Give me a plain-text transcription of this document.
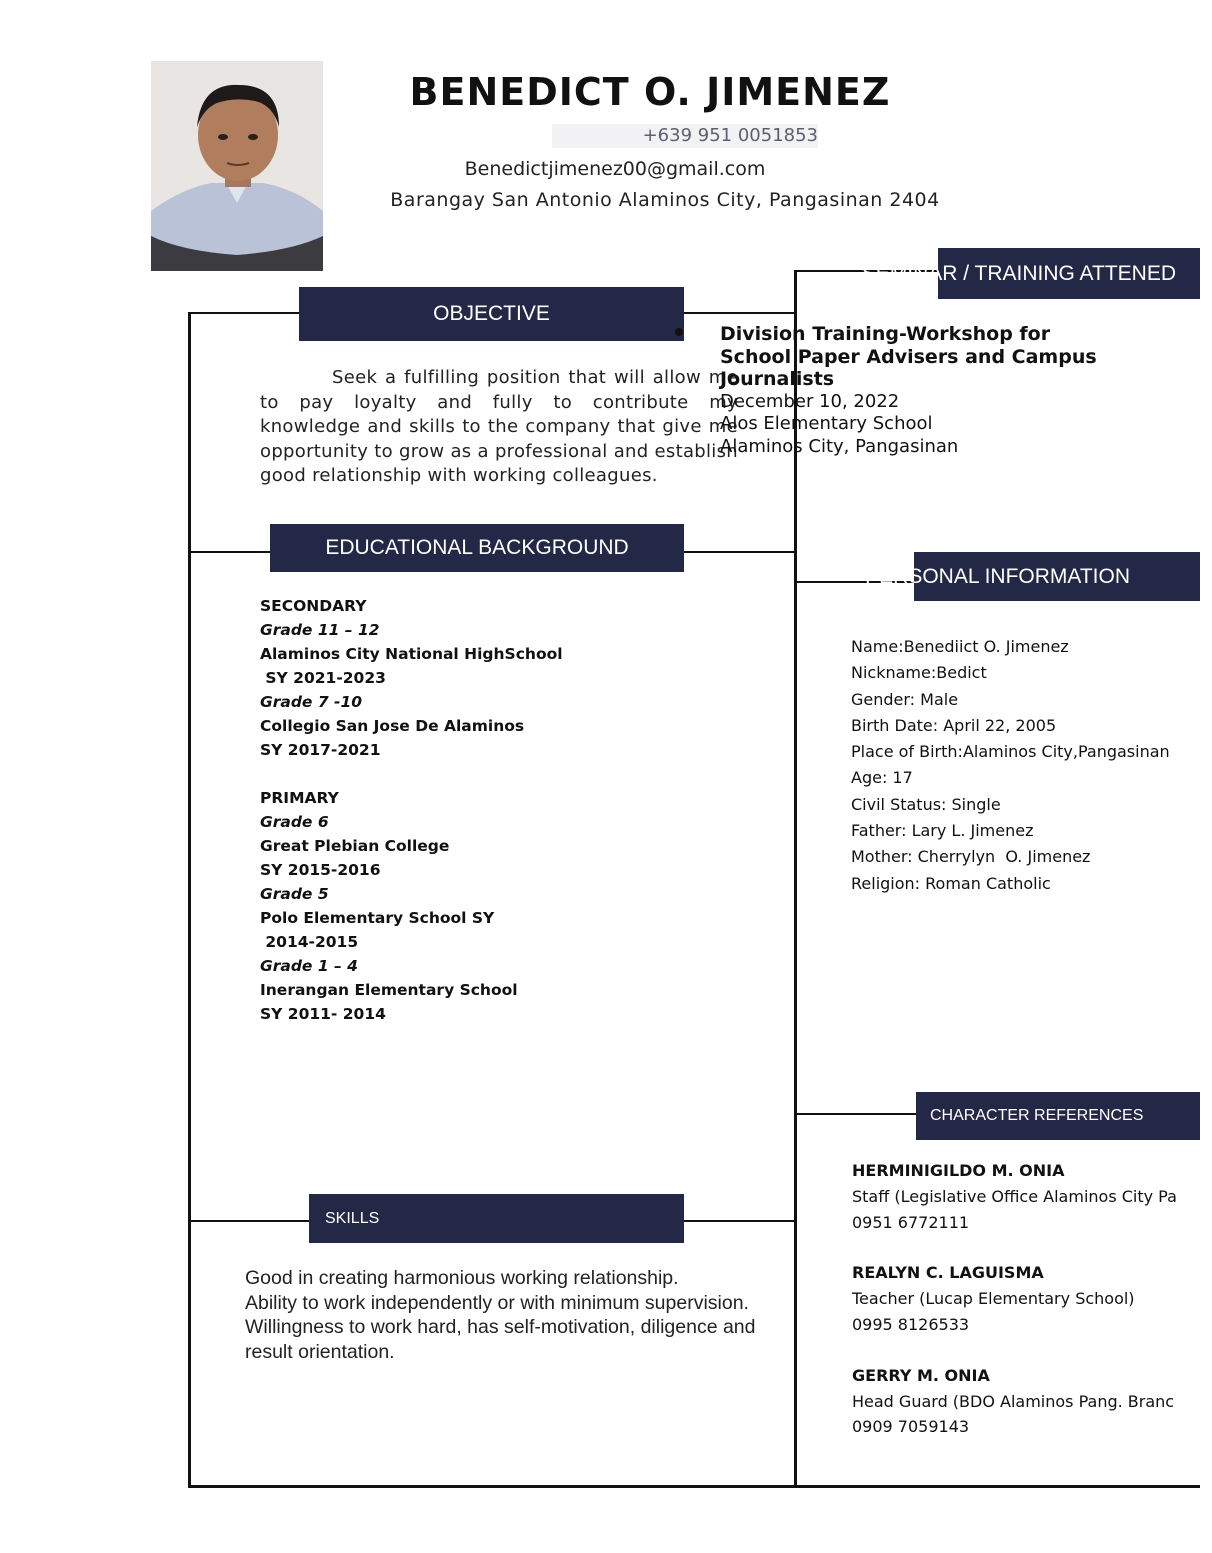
BENEDICT O. JIMENEZ
+639 951 0051853
Benedictjimenez00@gmail.com
Barangay San Antonio Alaminos City, Pangasinan 2404
OBJECTIVE
EDUCATIONAL BACKGROUND
SKILLS
SEMINAR / TRAINING ATTENED
PERSONAL INFORMATION
CHARACTER REFERENCES
Seek a fulfilling position that will allow me to pay loyalty and fully to contribute my knowledge and skills to the company that give me opportunity to grow as a professional and establish good relationship with working colleagues.
SECONDARY
Grade 11 – 12
Alaminos City National HighSchool
SY 2021-2023
Grade 7 -10
Collegio San Jose De Alaminos
SY 2017-2021
PRIMARY
Grade 6
Great Plebian College
SY 2015-2016
Grade 5
Polo Elementary School SY
2014-2015
Grade 1 – 4
Inerangan Elementary School
SY 2011- 2014
Good in creating harmonious working relationship.
Ability to work independently or with minimum supervision.
Willingness to work hard, has self-motivation, diligence and result orientation.
Division Training-Workshop for School Paper Advisers and Campus Journalists
December 10, 2022
Alos Elementary School
Alaminos City, Pangasinan
Name:Benediict O. Jimenez
Nickname:Bedict
Gender: Male
Birth Date: April 22, 2005
Place of Birth:Alaminos City,Pangasinan
Age: 17
Civil Status: Single
Father: Lary L. Jimenez
Mother: Cherrylyn  O. Jimenez
Religion: Roman Catholic
HERMINIGILDO M. ONIA
Staff (Legislative Office Alaminos City Pa
0951 6772111
REALYN C. LAGUISMA
Teacher (Lucap Elementary School)
0995 8126533
GERRY M. ONIA
Head Guard (BDO Alaminos Pang. Branc
0909 7059143
